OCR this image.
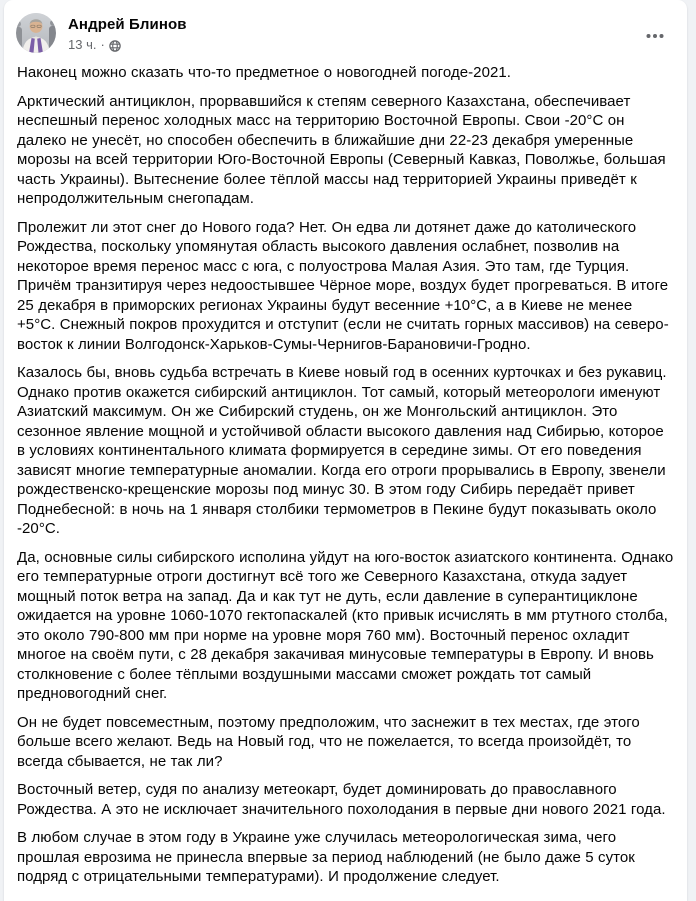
Андрей Блинов
13 ч. ·

Наконец можно сказать что-то предметное о новогодней погоде-2021.

Арктический антициклон, прорвавшийся к степям северного Казахстана, обеспечивает неспешный перенос холодных масс на территорию Восточной Европы. Свои -20°С он далеко не унесёт, но способен обеспечить в ближайшие дни 22-23 декабря умеренные морозы на всей территории Юго-Восточной Европы (Северный Кавказ, Поволжье, большая часть Украины). Вытеснение более тёплой массы над территорией Украины приведёт к непродолжительным снегопадам.

Пролежит ли этот снег до Нового года? Нет. Он едва ли дотянет даже до католического Рождества, поскольку упомянутая область высокого давления ослабнет, позволив на некоторое время перенос масс с юга, с полуострова Малая Азия. Это там, где Турция. Причём транзитируя через недоостывшее Чёрное море, воздух будет прогреваться. В итоге 25 декабря в приморских регионах Украины будут весенние +10°С, а в Киеве не менее +5°С. Снежный покров прохудится и отступит (если не считать горных массивов) на северо-восток к линии Волгодонск-Харьков-Сумы-Чернигов-Барановичи-Гродно.

Казалось бы, вновь судьба встречать в Киеве новый год в осенних курточках и без рукавиц. Однако против окажется сибирский антициклон. Тот самый, который метеорологи именуют Азиатский максимум. Он же Сибирский студень, он же Монгольский антициклон. Это сезонное явление мощной и устойчивой области высокого давления над Сибирью, которое в условиях континентального климата формируется в середине зимы. От его поведения зависят многие температурные аномалии. Когда его отроги прорывались в Европу, звенели рождественско-крещенские морозы под минус 30. В этом году Сибирь передаёт привет Поднебесной: в ночь на 1 января столбики термометров в Пекине будут показывать около -20°С.

Да, основные силы сибирского исполина уйдут на юго-восток азиатского континента. Однако его температурные отроги достигнут всё того же Северного Казахстана, откуда задует мощный поток ветра на запад. Да и как тут не дуть, если давление в суперантициклоне ожидается на уровне 1060-1070 гектопаскалей (кто привык исчислять в мм ртутного столба, это около 790-800 мм при норме на уровне моря 760 мм). Восточный перенос охладит многое на своём пути, с 28 декабря закачивая минусовые температуры в Европу. И вновь столкновение с более тёплыми воздушными массами сможет рождать тот самый предновогодний снег.

Он не будет повсеместным, поэтому предположим, что заснежит в тех местах, где этого больше всего желают. Ведь на Новый год, что не пожелается, то всегда произойдёт, то всегда сбывается, не так ли?

Восточный ветер, судя по анализу метеокарт, будет доминировать до православного Рождества. А это не исключает значительного похолодания в первые дни нового 2021 года.

В любом случае в этом году в Украине уже случилась метеорологическая зима, чего прошлая еврозима не принесла впервые за период наблюдений (не было даже 5 суток подряд с отрицательными температурами). И продолжение следует.
